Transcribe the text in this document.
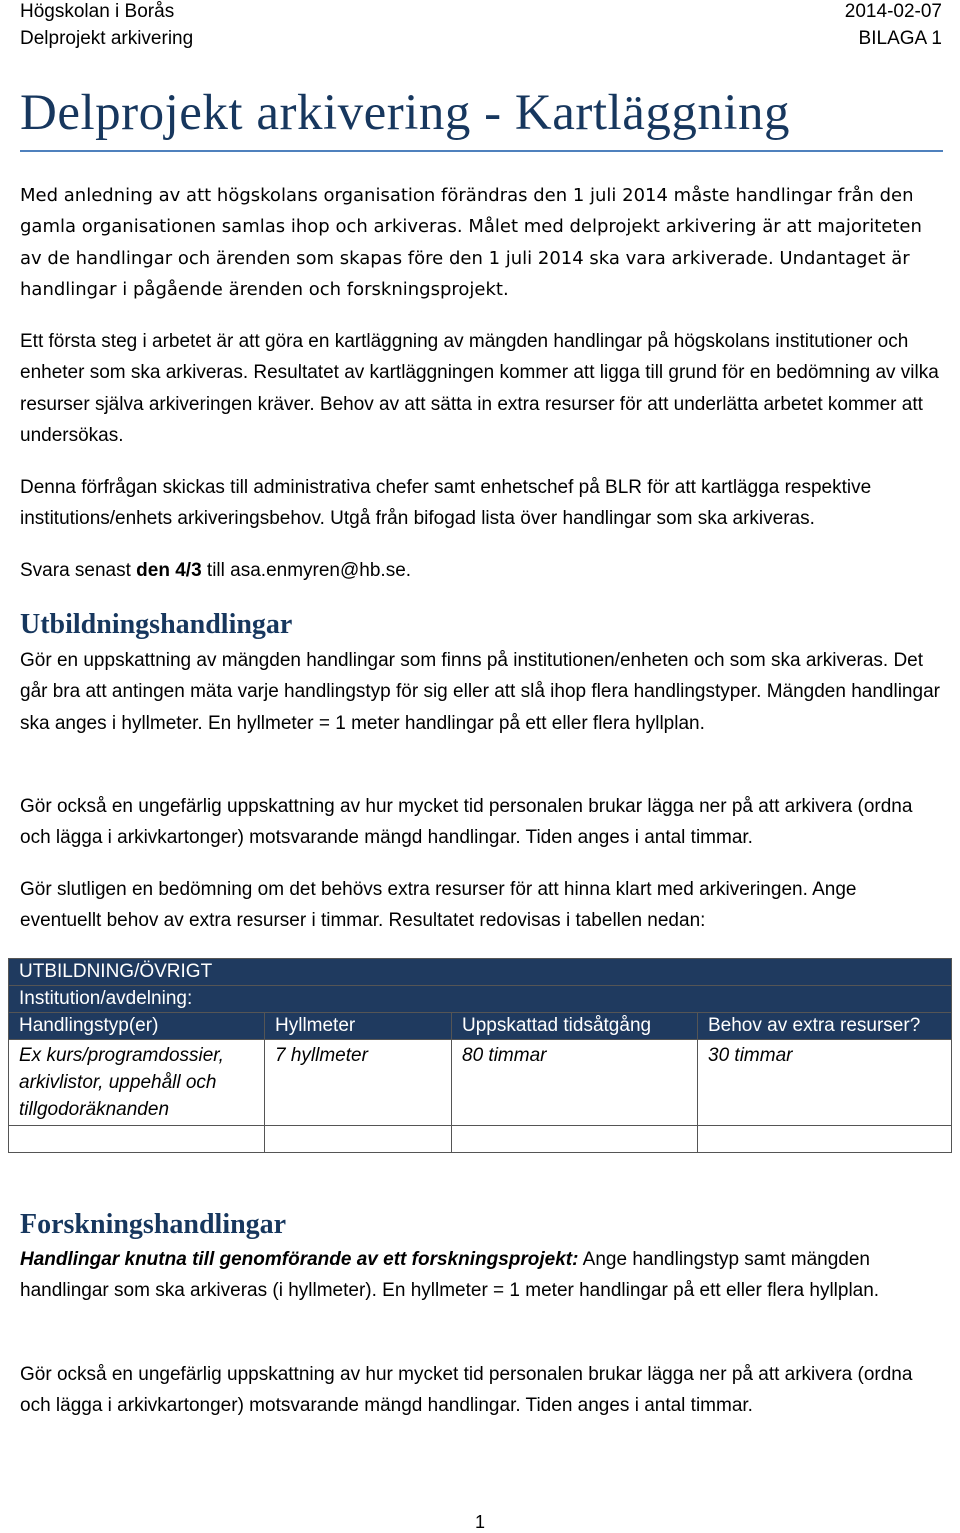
Högskolan i Borås
Delprojekt arkivering
2014-02-07
BILAGA 1
Delprojekt arkivering - Kartläggning
Med anledning av att högskolans organisation förändras den 1 juli 2014 måste handlingar från den gamla organisationen samlas ihop och arkiveras. Målet med delprojekt arkivering är att majoriteten av de handlingar och ärenden som skapas före den 1 juli 2014 ska vara arkiverade. Undantaget är handlingar i pågående ärenden och forskningsprojekt.
Ett första steg i arbetet är att göra en kartläggning av mängden handlingar på högskolans institutioner och enheter som ska arkiveras. Resultatet av kartläggningen kommer att ligga till grund för en bedömning av vilka resurser själva arkiveringen kräver. Behov av att sätta in extra resurser för att underlätta arbetet kommer att undersökas.
Denna förfrågan skickas till administrativa chefer samt enhetschef på BLR för att kartlägga respektive institutions/enhets arkiveringsbehov. Utgå från bifogad lista över handlingar som ska arkiveras.
Svara senast den 4/3 till asa.enmyren@hb.se.
Utbildningshandlingar
Gör en uppskattning av mängden handlingar som finns på institutionen/enheten och som ska arkiveras. Det går bra att antingen mäta varje handlingstyp för sig eller att slå ihop flera handlingstyper. Mängden handlingar ska anges i hyllmeter. En hyllmeter = 1 meter handlingar på ett eller flera hyllplan.
Gör också en ungefärlig uppskattning av hur mycket tid personalen brukar lägga ner på att arkivera (ordna och lägga i arkivkartonger) motsvarande mängd handlingar. Tiden anges i antal timmar.
Gör slutligen en bedömning om det behövs extra resurser för att hinna klart med arkiveringen. Ange eventuellt behov av extra resurser i timmar. Resultatet redovisas i tabellen nedan:
UTBILDNING/ÖVRIGT			
Institution/avdelning:			
Handlingstyp(er)	Hyllmeter	Uppskattad tidsåtgång	Behov av extra resurser?
Ex kurs/programdossier, arkivlistor, uppehåll och tillgodoräknanden	7 hyllmeter	80 timmar	30 timmar

Forskningshandlingar
Handlingar knutna till genomförande av ett forskningsprojekt: Ange handlingstyp samt mängden handlingar som ska arkiveras (i hyllmeter). En hyllmeter = 1 meter handlingar på ett eller flera hyllplan.
Gör också en ungefärlig uppskattning av hur mycket tid personalen brukar lägga ner på att arkivera (ordna och lägga i arkivkartonger) motsvarande mängd handlingar. Tiden anges i antal timmar.
1
